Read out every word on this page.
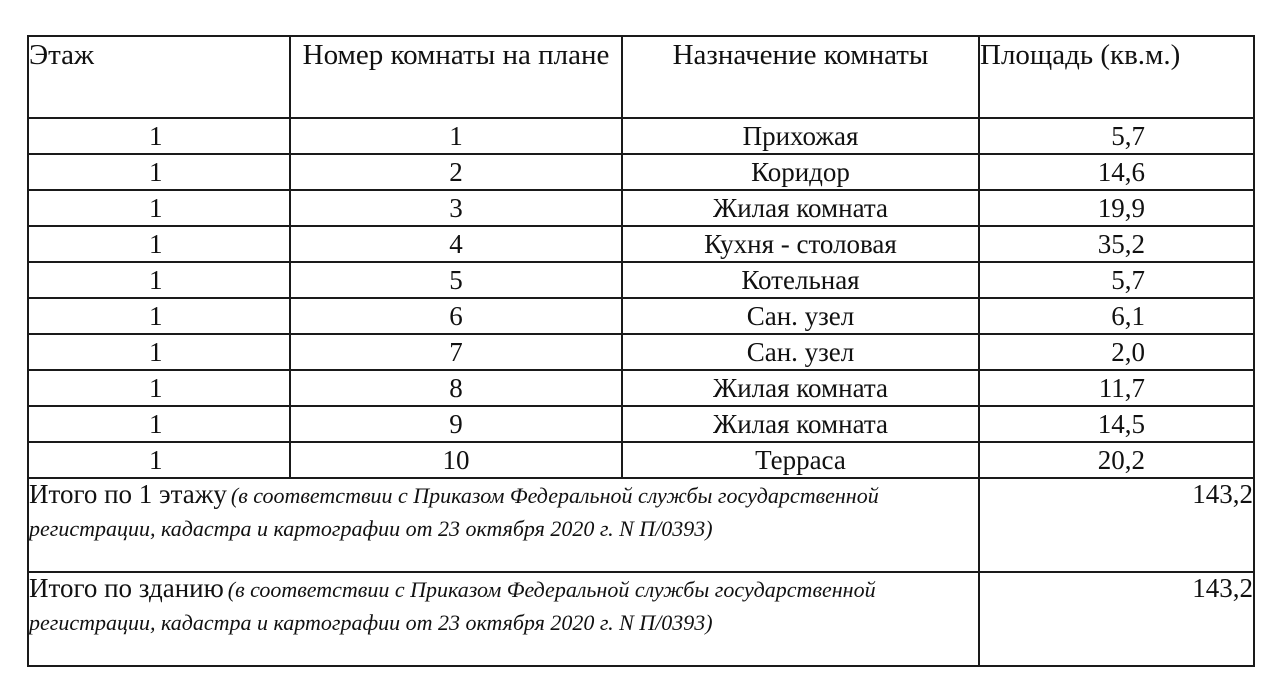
Этаж	Номер комнаты на плане	Назначение комнаты	Площадь (кв.м.)
1	1	Прихожая	5,7
1	2	Коридор	14,6
1	3	Жилая комната	19,9
1	4	Кухня - столовая	35,2
1	5	Котельная	5,7
1	6	Сан. узел	6,1
1	7	Сан. узел	2,0
1	8	Жилая комната	11,7
1	9	Жилая комната	14,5
1	10	Терраса	20,2
Итого по 1 этажу (в соответствии с Приказом Федеральной службы государственной регистрации, кадастра и картографии от 23 октября 2020 г. N П/0393)			143,2
Итого по зданию (в соответствии с Приказом Федеральной службы государственной регистрации, кадастра и картографии от 23 октября 2020 г. N П/0393)			143,2
